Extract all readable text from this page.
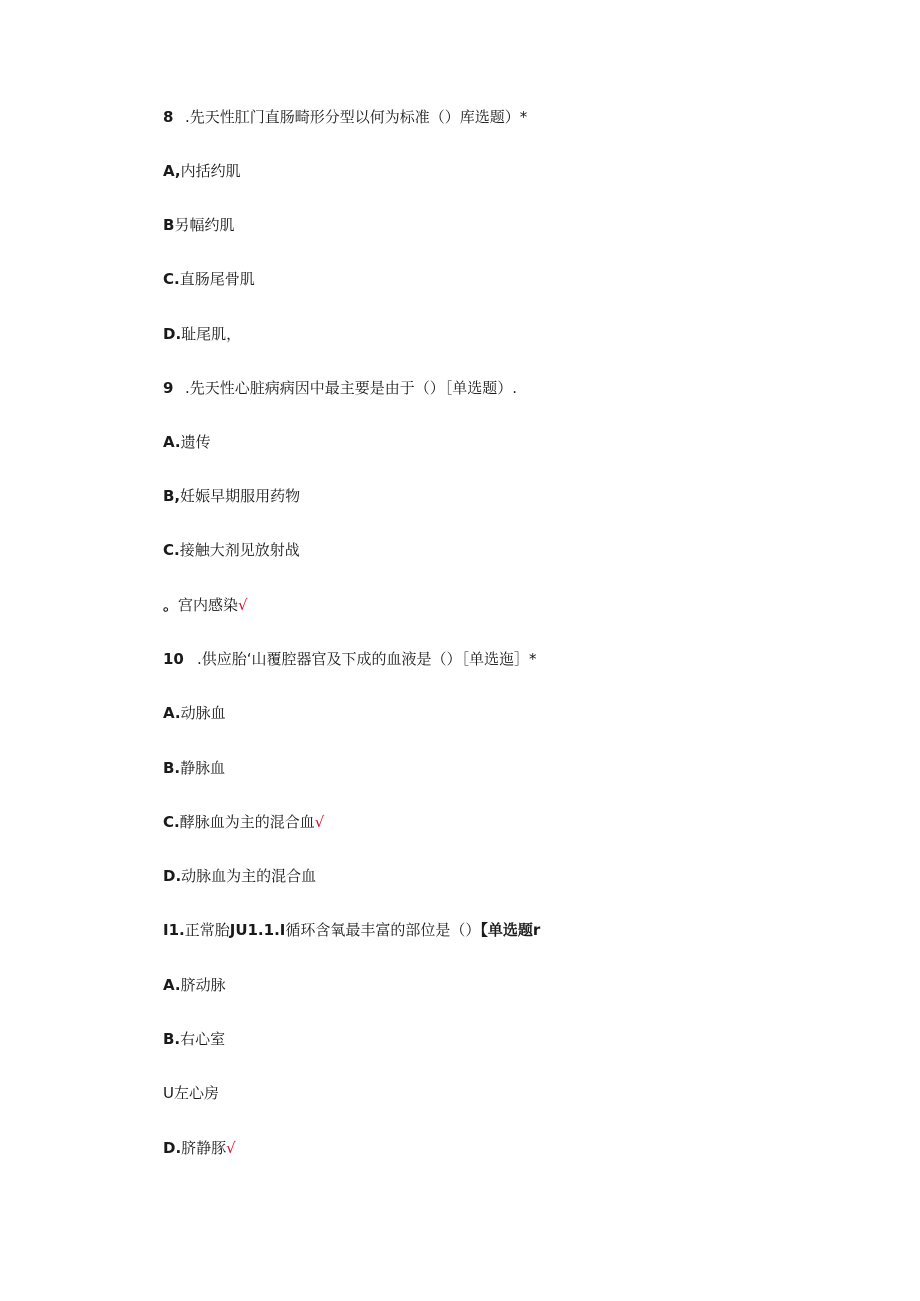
8 .先天性肛门直肠畸形分型以何为标准（）库选题）*
A,内括约肌
B另幅约肌
C.直肠尾骨肌
D.耻尾肌，
9 .先天性心脏病病因中最主要是由于（）［单选题）.
A.遗传
B,妊娠早期服用药物
C.接触大剂见放射战
。宫内感染√
10 .供应胎‘山覆腔器官及下成的血液是（）［单选迤］*
A.动脉血
B.静脉血
C.酵脉血为主的混合血√
D.动脉血为主的混合血
I1.正常胎JU1.1.I循环含氧最丰富的部位是（）【单选题r
A.脐动脉
B.右心室
U左心房
D.脐静豚√
